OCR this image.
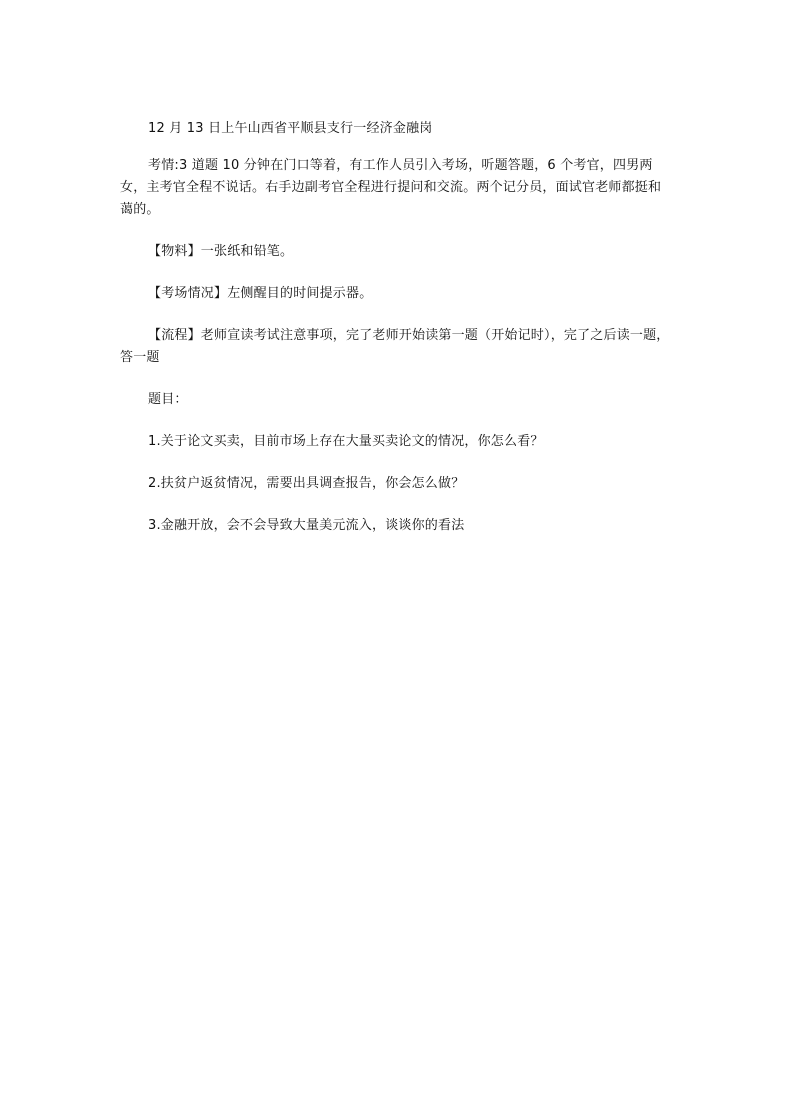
12 月 13 日上午山西省平顺县支行一经济金融岗

考情:3 道题 10 分钟在门口等着，有工作人员引入考场，听题答题，6 个考官，四男两女，主考官全程不说话。右手边副考官全程进行提问和交流。两个记分员，面试官老师都挺和蔼的。

【物料】一张纸和铅笔。

【考场情况】左侧醒目的时间提示器。

【流程】老师宣读考试注意事项，完了老师开始读第一题（开始记时），完了之后读一题，答一题

题目：

1.关于论文买卖，目前市场上存在大量买卖论文的情况，你怎么看？

2.扶贫户返贫情况，需要出具调查报告，你会怎么做？

3.金融开放，会不会导致大量美元流入，谈谈你的看法
